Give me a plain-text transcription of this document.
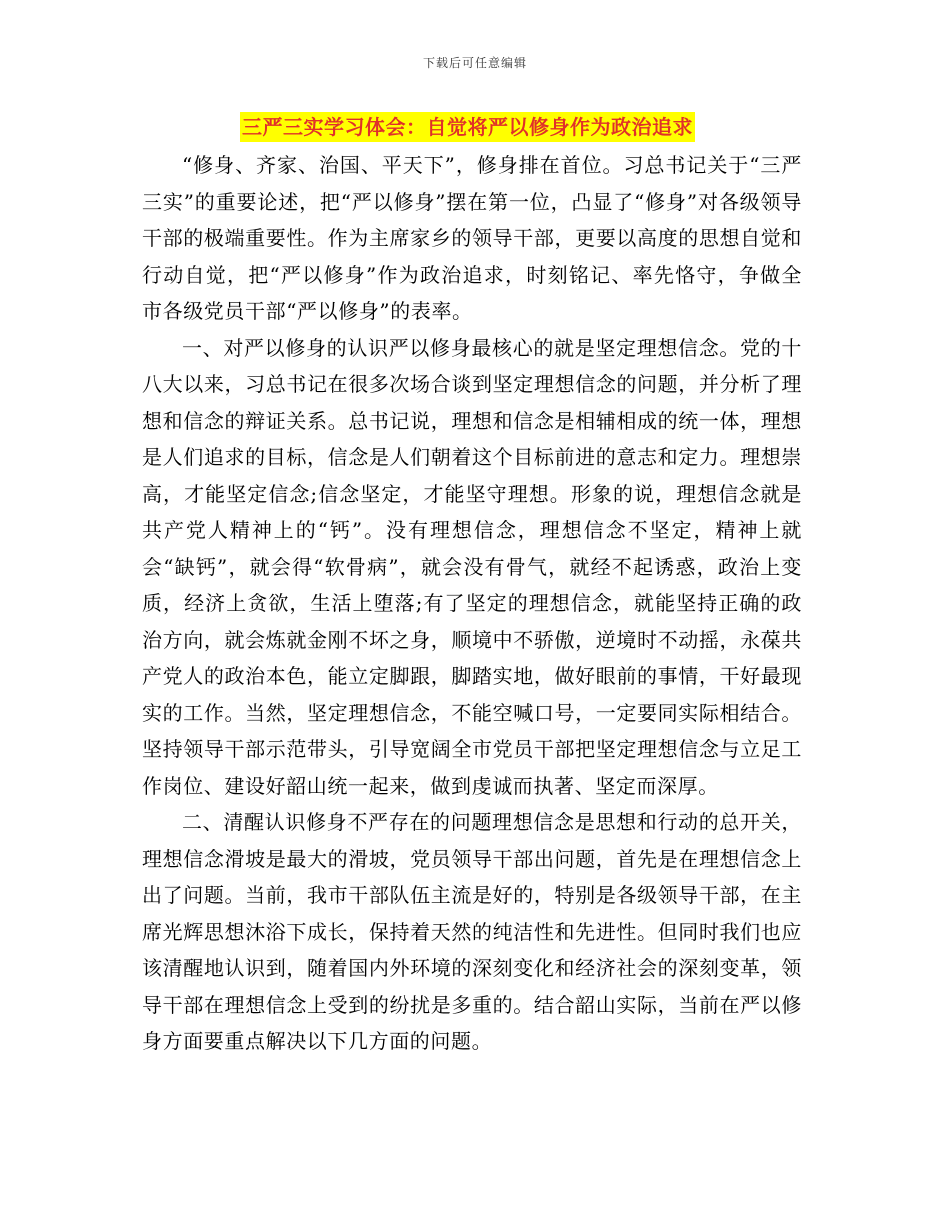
下载后可任意编辑
三严三实学习体会：自觉将严以修身作为政治追求

“修身、齐家、治国、平天下”，修身排在首位。习总书记关于“三严三实”的重要论述，把“严以修身”摆在第一位，凸显了“修身”对各级领导干部的极端重要性。作为主席家乡的领导干部，更要以高度的思想自觉和行动自觉，把“严以修身”作为政治追求，时刻铭记、率先恪守，争做全市各级党员干部“严以修身”的表率。

一、对严以修身的认识严以修身最核心的就是坚定理想信念。党的十八大以来，习总书记在很多次场合谈到坚定理想信念的问题，并分析了理想和信念的辩证关系。总书记说，理想和信念是相辅相成的统一体，理想是人们追求的目标，信念是人们朝着这个目标前进的意志和定力。理想崇高，才能坚定信念;信念坚定，才能坚守理想。形象的说，理想信念就是共产党人精神上的“钙”。没有理想信念，理想信念不坚定，精神上就会“缺钙”，就会得“软骨病”，就会没有骨气，就经不起诱惑，政治上变质，经济上贪欲，生活上堕落;有了坚定的理想信念，就能坚持正确的政治方向，就会炼就金刚不坏之身，顺境中不骄傲，逆境时不动摇，永葆共产党人的政治本色，能立定脚跟，脚踏实地，做好眼前的事情，干好最现实的工作。当然，坚定理想信念，不能空喊口号，一定要同实际相结合。坚持领导干部示范带头，引导宽阔全市党员干部把坚定理想信念与立足工作岗位、建设好韶山统一起来，做到虔诚而执著、坚定而深厚。

二、清醒认识修身不严存在的问题理想信念是思想和行动的总开关，理想信念滑坡是最大的滑坡，党员领导干部出问题，首先是在理想信念上出了问题。当前，我市干部队伍主流是好的，特别是各级领导干部，在主席光辉思想沐浴下成长，保持着天然的纯洁性和先进性。但同时我们也应该清醒地认识到，随着国内外环境的深刻变化和经济社会的深刻变革，领导干部在理想信念上受到的纷扰是多重的。结合韶山实际，当前在严以修身方面要重点解决以下几方面的问题。
